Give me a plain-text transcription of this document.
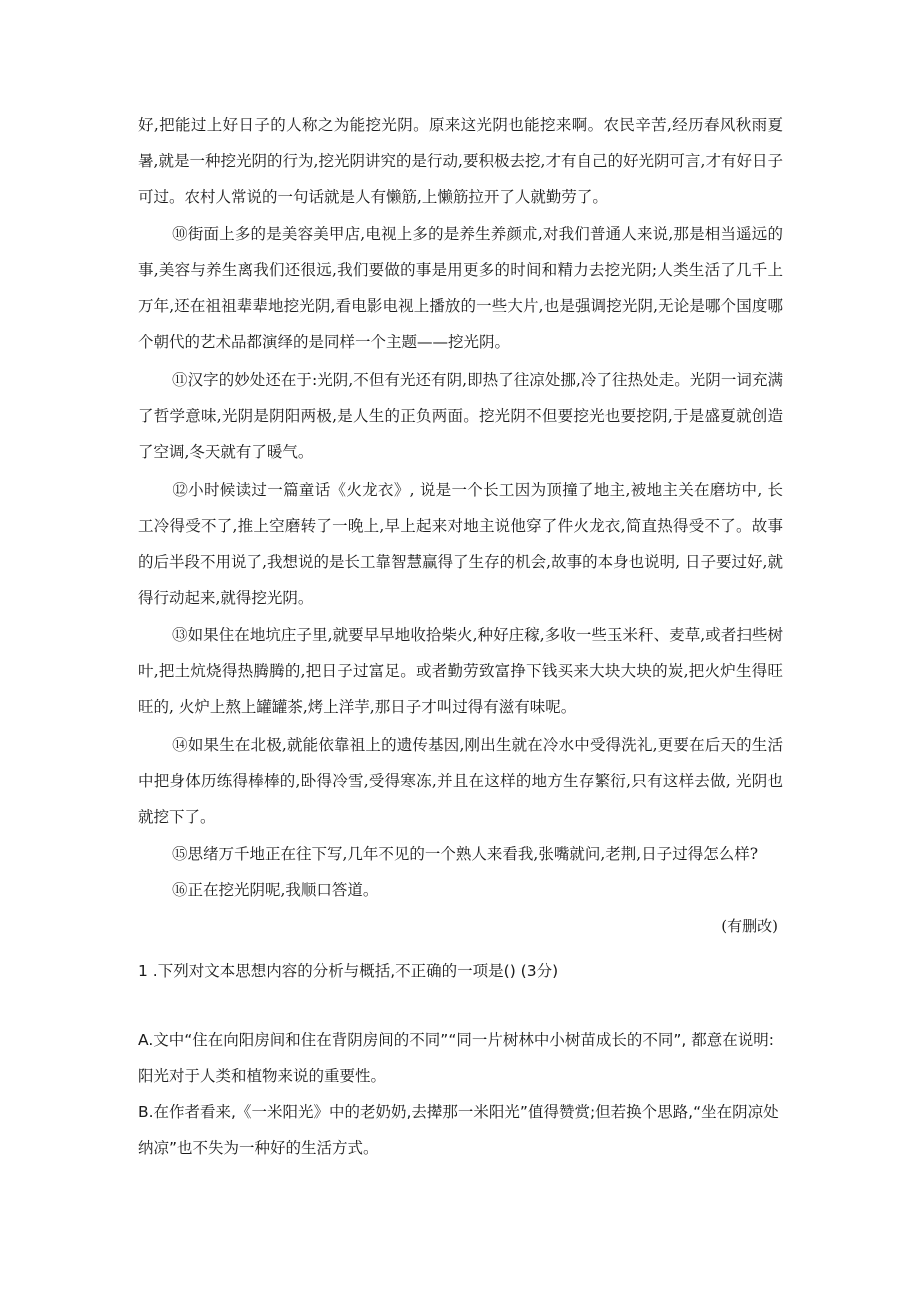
好,把能过上好日子的人称之为能挖光阴。原来这光阴也能挖来啊。农民辛苦,经历春风秋雨夏暑,就是一种挖光阴的行为,挖光阴讲究的是行动,要积极去挖,才有自己的好光阴可言,才有好日子可过。农村人常说的一句话就是人有懒筋,上懒筋拉开了人就勤劳了。
⑩街面上多的是美容美甲店,电视上多的是养生养颜朮,对我们普通人来说,那是相当遥远的事,美容与养生离我们还很远,我们要做的事是用更多的时间和精力去挖光阴;人类生活了几千上万年,还在祖祖辈辈地挖光阴,看电影电视上播放的一些大片,也是强调挖光阴,无论是哪个国度哪个朝代的艺术品都演绎的是同样一个主题——挖光阴。
⑪汉字的妙处还在于:光阴,不但有光还有阴,即热了往凉处挪,冷了往热处走。光阴一词充满了哲学意味,光阴是阴阳两极,是人生的正负两面。挖光阴不但要挖光也要挖阴,于是盛夏就创造了空调,冬天就有了暖气。
⑫小时候读过一篇童话《火龙衣》, 说是一个长工因为顶撞了地主,被地主关在磨坊中, 长工冷得受不了,推上空磨转了一晚上,早上起来对地主说他穿了件火龙衣,简直热得受不了。故事的后半段不用说了,我想说的是长工靠智慧赢得了生存的机会,故事的本身也说明, 日子要过好,就得行动起来,就得挖光阴。
⑬如果住在地坑庄子里,就要早早地收拾柴火,种好庄稼,多收一些玉米秆、麦草,或者扫些树叶,把土炕烧得热腾腾的,把日子过富足。或者勤劳致富挣下钱买来大块大块的炭,把火炉生得旺旺的, 火炉上熬上罐罐茶,烤上洋芋,那日子才叫过得有滋有味呢。
⑭如果生在北极,就能依靠祖上的遗传基因,刚出生就在冷水中受得洗礼,更要在后天的生活中把身体历练得棒棒的,卧得冷雪,受得寒冻,并且在这样的地方生存繁衍,只有这样去做, 光阴也就挖下了。
⑮思绪万千地正在往下写,几年不见的一个熟人来看我,张嘴就问,老荆,日子过得怎么样?
⑯正在挖光阴呢,我顺口答道。
(有删改)
1 .下列对文本思想内容的分析与概括,不正确的一项是() (3分)
A.文中“住在向阳房间和住在背阴房间的不同”“同一片树林中小树苗成长的不同”, 都意在说明:阳光对于人类和植物来说的重要性。
B.在作者看来,《一米阳光》中的老奶奶,去撵那一米阳光”值得赞赏;但若换个思路,“坐在阴凉处纳凉”也不失为一种好的生活方式。
